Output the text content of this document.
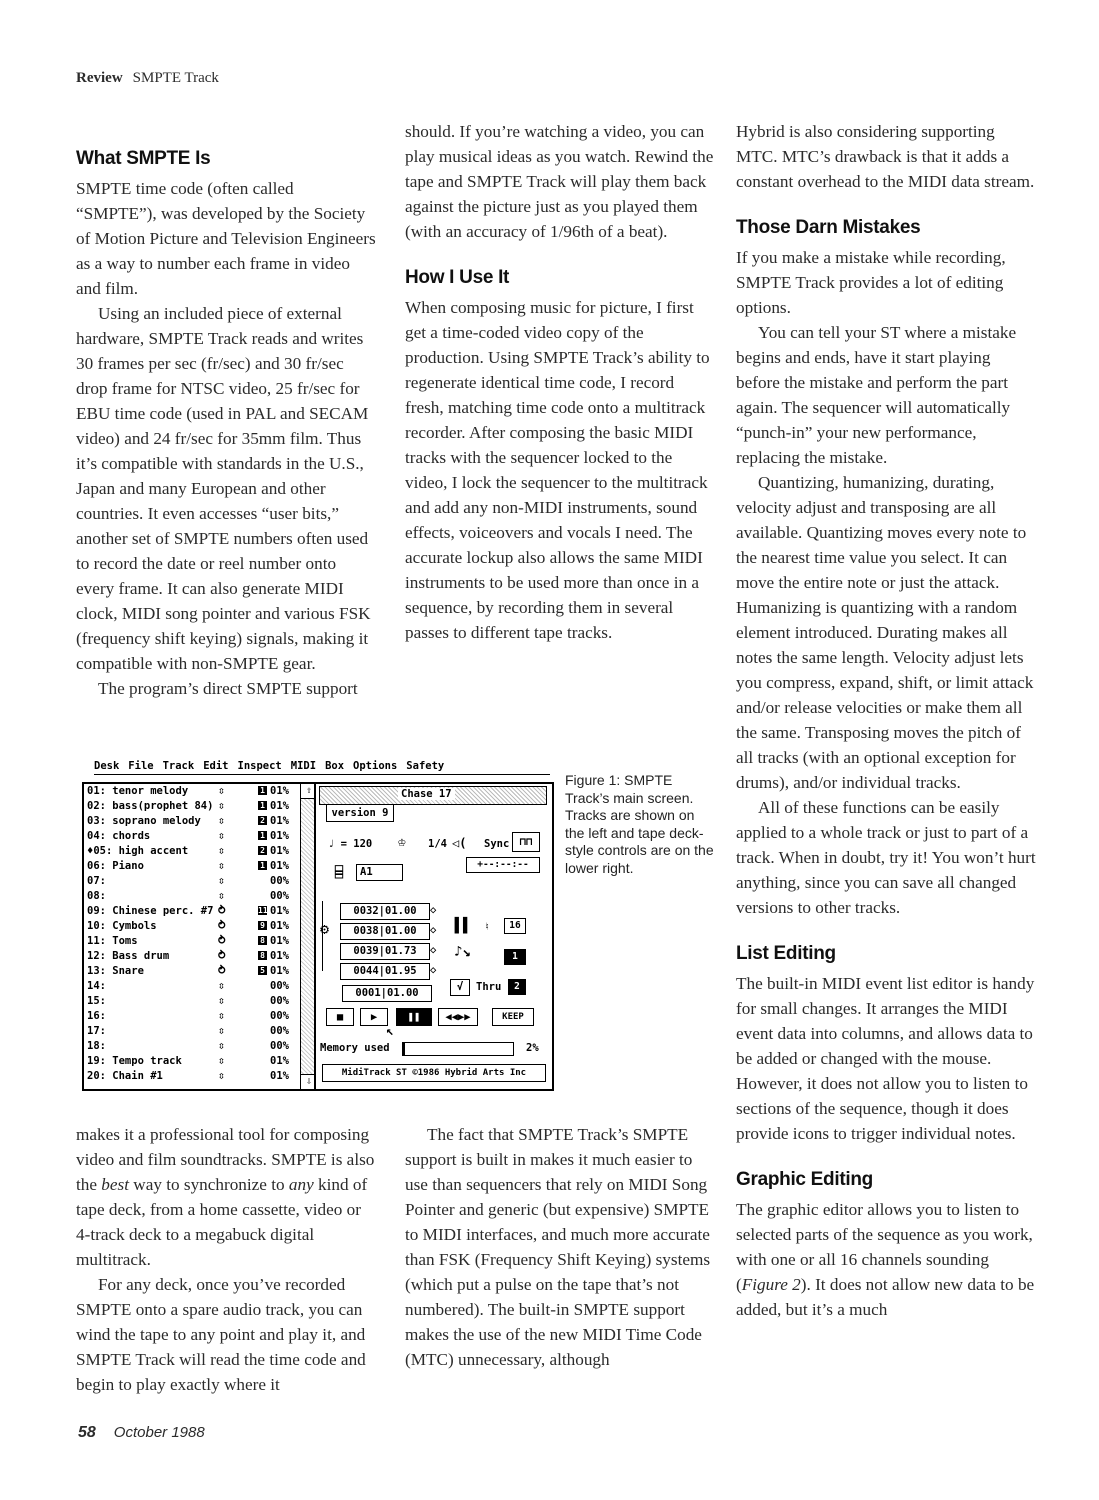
Review SMPTE Track
What SMPTE Is

SMPTE time code (often called “SMPTE”), was developed by the Society of Motion Picture and Television Engineers as a way to number each frame in video and film.

Using an included piece of external hardware, SMPTE Track reads and writes 30 frames per sec (fr/sec) and 30 fr/sec drop frame for NTSC video, 25 fr/sec for EBU time code (used in PAL and SECAM video) and 24 fr/sec for 35mm film. Thus it’s compatible with standards in the U.S., Japan and many European and other countries. It even accesses “user bits,” another set of SMPTE numbers often used to record the date or reel number onto every frame. It can also generate MIDI clock, MIDI song pointer and various FSK (frequency shift keying) signals, making it compatible with non-SMPTE gear.

The program’s direct SMPTE support

should. If you’re watching a video, you can play musical ideas as you watch. Rewind the tape and SMPTE Track will play them back against the picture just as you played them (with an accuracy of 1/96th of a beat).

How I Use It

When composing music for picture, I first get a time-coded video copy of the production. Using SMPTE Track’s ability to regenerate identical time code, I record fresh, matching time code onto a multitrack recorder. After composing the basic MIDI tracks with the sequencer locked to the video, I lock the sequencer to the multitrack and add any non-MIDI instruments, sound effects, voiceovers and vocals I need. The accurate lockup also allows the same MIDI instruments to be used more than once in a sequence, by recording them in several passes to different tape tracks.

Hybrid is also considering supporting MTC. MTC’s drawback is that it adds a constant overhead to the MIDI data stream.

Those Darn Mistakes

If you make a mistake while recording, SMPTE Track provides a lot of editing options.

You can tell your ST where a mistake begins and ends, have it start playing before the mistake and perform the part again. The sequencer will automatically “punch-in” your new performance, replacing the mistake.

Quantizing, humanizing, durating, velocity adjust and transposing are all available. Quantizing moves every note to the nearest time value you select. It can move the entire note or just the attack. Humanizing is quantizing with a random element introduced. Durating makes all notes the same length. Velocity adjust lets you compress, expand, shift, or limit attack and/or release velocities or make them all the same. Transposing moves the pitch of all tracks (with an optional exception for drums), and/or individual tracks.

All of these functions can be easily applied to a whole track or just to part of a track. When in doubt, try it! You won’t hurt anything, since you can save all changed versions to other tracks.

List Editing

The built-in MIDI event list editor is handy for small changes. It arranges the MIDI event data into columns, and allows data to be added or changed with the mouse. However, it does not allow you to listen to sections of the sequence, though it does provide icons to trigger individual notes.

Graphic Editing

The graphic editor allows you to listen to selected parts of the sequence as you work, with one or all 16 channels sounding (Figure 2). It does not allow new data to be added, but it’s a much

makes it a professional tool for composing video and film soundtracks. SMPTE is also the best way to synchronize to any kind of tape deck, from a home cassette, video or 4-track deck to a megabuck digital multitrack.

For any deck, once you’ve recorded SMPTE onto a spare audio track, you can wind the tape to any point and play it, and SMPTE Track will read the time code and begin to play exactly where it

The fact that SMPTE Track’s SMPTE support is built in makes it much easier to use than sequencers that rely on MIDI Song Pointer and generic (but expensive) SMPTE to MIDI interfaces, and much more accurate than FSK (Frequency Shift Keying) systems (which put a pulse on the tape that’s not numbered). The built-in SMPTE support makes the use of the new MIDI Time Code (MTC) unnecessary, although

Desk File Track Edit Inspect MIDI Box Options Safety
01: tenor melody	⇳	1 01%
02: bass(prophet 84) ⇳	1 01%
03: soprano melody ⇳	2 01%
04: chords	⇳	1 01%
♦05: high accent	⇳	2 01%
06: Piano	⇳	1 01%
07:	⇳	00%
08:	⇳	00%
09: Chinese perc. #7 ⥁	11 01%
10: Cymbols	⥁	9 01%
11: Toms	⥁	8 01%
12: Bass drum	⥁	8 01%
13: Snare	⥁	5 01%
14:	⇳	00%
15:	⇳	00%
16:	⇳	00%
17:	⇳	00%
18:	⇳	00%
19: Tempo track	⇳	01%
20: Chain #1	⇳	01%
⇧
⇩
Chase 17
version 9
♩ = 120 ♔ 1/4 ◁( Sync ⊓⊓
⌸	A1
+--:--:--
⚙
0032|01.00	◇
0038|01.00	◇
0039|01.73	◇
0044|01.95	◇
0001|01.00
▌▌ ♮	16
♪↘	1
√	Thru	2
■	▶	❚❚
↖
◀◀▶▶	KEEP
Memory used	2%
MidiTrack ST ©1986 Hybrid Arts Inc
Figure 1: SMPTE Track’s main screen. Tracks are shown on the left and tape deck-style controls are on the lower right.
58 October 1988
